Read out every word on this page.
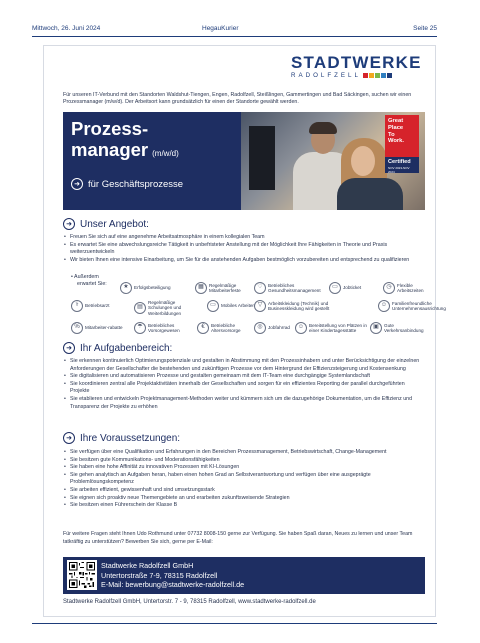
Mittwoch, 26. Juni 2024	HegauKurier	Seite 25
STADTWERKE
RADOLFZELL

Für unseren IT-Verbund mit den Standorten Waldshut-Tiengen, Engen, Radolfzell, Steißlingen, Gammertingen und Bad Säckingen, suchen wir einen Prozessmanager (m/w/d). Der Arbeitsort kann grundsätzlich für einen der Standorte gewählt werden.

Prozess-
manager (m/w/d)
➜ für Geschäftsprozesse
Great
Place
To
Work.
Certified
NOV 2023-NOV 2024
➜ Unser Angebot:
• Freuen Sie sich auf eine angenehme Arbeitsatmosphäre in einem kollegialen Team
• Es erwartet Sie eine abwechslungsreiche Tätigkeit in unbefristeter Anstellung mit der Möglichkeit Ihre Fähigkeiten in Theorie und Praxis weiterzuentwickeln
• Wir bieten Ihnen eine intensive Einarbeitung, um Sie für die anstehenden Aufgaben bestmöglich vorzubereiten und entsprechend zu qualifizieren
• Außerdem
erwartet Sie:
★	Erfolgsbeteiligung	▦	Regelmäßige Mitarbeiterfeste
♡	Betriebliches Gesundheitsmanagement
▭	Jobticket	◷	Flexible Arbeitszeiten
⚕	Betriebsarzt	▤
Regelmäßige Schulungen und Weiterbildungen
▭	Mobiles Arbeiten ▽	Arbeitskleidung (Technik) und Businesskleidung wird gestellt
☺	Familienfreundliche Unternehmensausrichtung
%	Mitarbeiter-rabatte	☂	Betriebliches Vorsorgewesen
€	Betriebliche Altersvorsorge
◎	Jobfahrrad	☺	Bereitstellung von Plätzen in einer Kindertagesstätte
▣	Gute Verkehrsanbindung
➜ Ihr Aufgabenbereich:
• Sie erkennen kontinuierlich Optimierungspotenziale und gestalten in Abstimmung mit den Prozessinhabern und unter Berücksichtigung der einzelnen Anforderungen der Gesellschafter die bestehenden und zukünftigen Prozesse vor dem Hintergrund der Effizienzsteigerung und Kostensenkung
• Sie digitalisieren und automatisieren Prozesse und gestalten gemeinsam mit dem IT-Team eine durchgängige Systemlandschaft
• Sie koordinieren zentral alle Projektaktivitäten innerhalb der Gesellschaften und sorgen für ein effizientes Reporting der parallel durchgeführten Projekte
• Sie etablieren und entwickeln Projektmanagement-Methoden weiter und kümmern sich um die dazugehörige Dokumentation, um die Effizienz und Transparenz der Projekte zu erhöhen
➜ Ihre Voraussetzungen:
• Sie verfügen über eine Qualifikation und Erfahrungen in den Bereichen Prozessmanagement, Betriebswirtschaft, Change-Management
• Sie besitzen gute Kommunikations- und Moderationsfähigkeiten
• Sie haben eine hohe Affinität zu innovativen Prozessen mit KI-Lösungen
• Sie gehen analytisch an Aufgaben heran, haben einen hohen Grad an Selbstverantwortung und verfügen über eine ausgeprägte Problemlösungskompetenz
• Sie arbeiten effizient, gewissenhaft und sind umsetzungsstark
• Sie eignen sich proaktiv neue Themengebiete an und erarbeiten zukunftsweisende Strategien
• Sie besitzen einen Führerschein der Klasse B

Für weitere Fragen steht Ihnen Udo Rothmund unter 07732 8008-150 gerne zur Verfügung. Sie haben Spaß daran, Neues zu lernen und unser Team tatkräftig zu unterstützen? Bewerben Sie sich, gerne per E-Mail:

Stadtwerke Radolfzell GmbH
Untertorstraße 7-9, 78315 Radolfzell
E-Mail: bewerbung@stadtwerke-radolfzell.de
Stadtwerke Radolfzell GmbH, Untertorstr. 7 - 9, 78315 Radolfzell, www.stadtwerke-radolfzell.de
